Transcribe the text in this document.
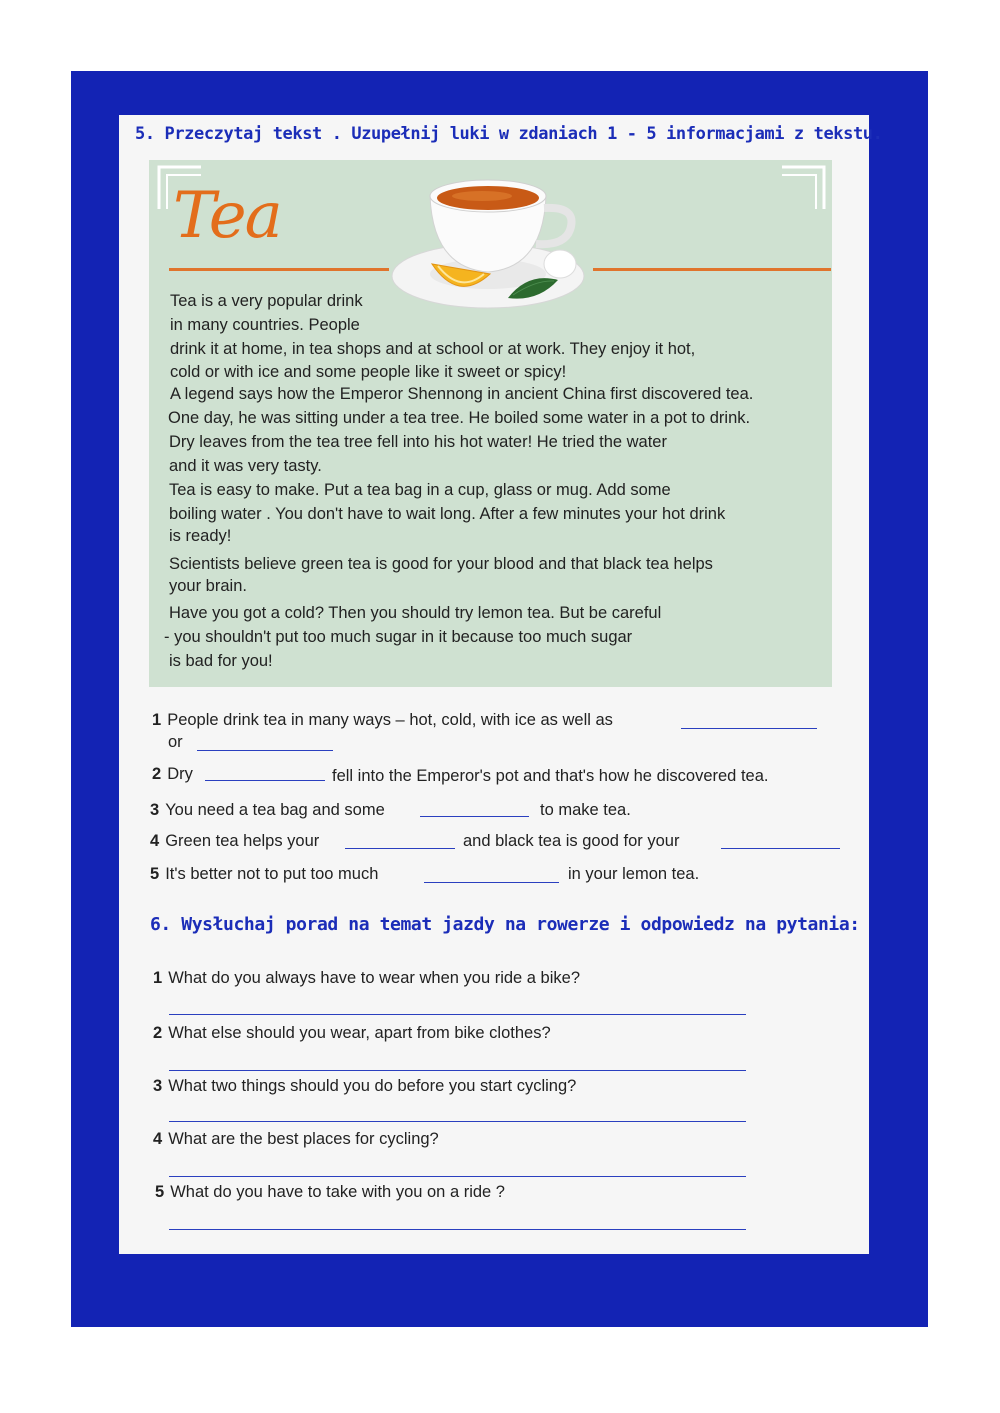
5. Przeczytaj tekst . Uzupełnij luki w zdaniach 1 - 5 informacjami z tekstu.
Tea
Tea is a very popular drink
in many countries. People
drink it at home, in tea shops and at school or at work. They enjoy it hot,
cold or with ice and some people like it sweet or spicy!
A legend says how the Emperor Shennong in ancient China first discovered tea.
One day, he was sitting under a tea tree. He boiled some water in a pot to drink.
Dry leaves from the tea tree fell into his hot water! He tried the water
and it was very tasty.
Tea is easy to make. Put a tea bag in a cup, glass or mug. Add some
boiling water . You don't have to wait long. After a few minutes your hot drink
is ready!
Scientists believe green tea is good for your blood and that black tea helps
your brain.
Have you got a cold? Then you should try lemon tea. But be careful
- you shouldn't put too much sugar in it because too much sugar
is bad for you!
1 People drink tea in many ways – hot, cold, with ice as well as
or
2 Dry	fell into the Emperor's pot and that's how he discovered tea.
3 You need a tea bag and some	to make tea.
4 Green tea helps your	and black tea is good for your
5 It's better not to put too much	in your lemon tea.
6. Wysłuchaj porad na temat jazdy na rowerze i odpowiedz na pytania:
1 What do you always have to wear when you ride a bike?
2 What else should you wear, apart from bike clothes?
3 What two things should you do before you start cycling?
4 What are the best places for cycling?
5 What do you have to take with you on a ride ?
